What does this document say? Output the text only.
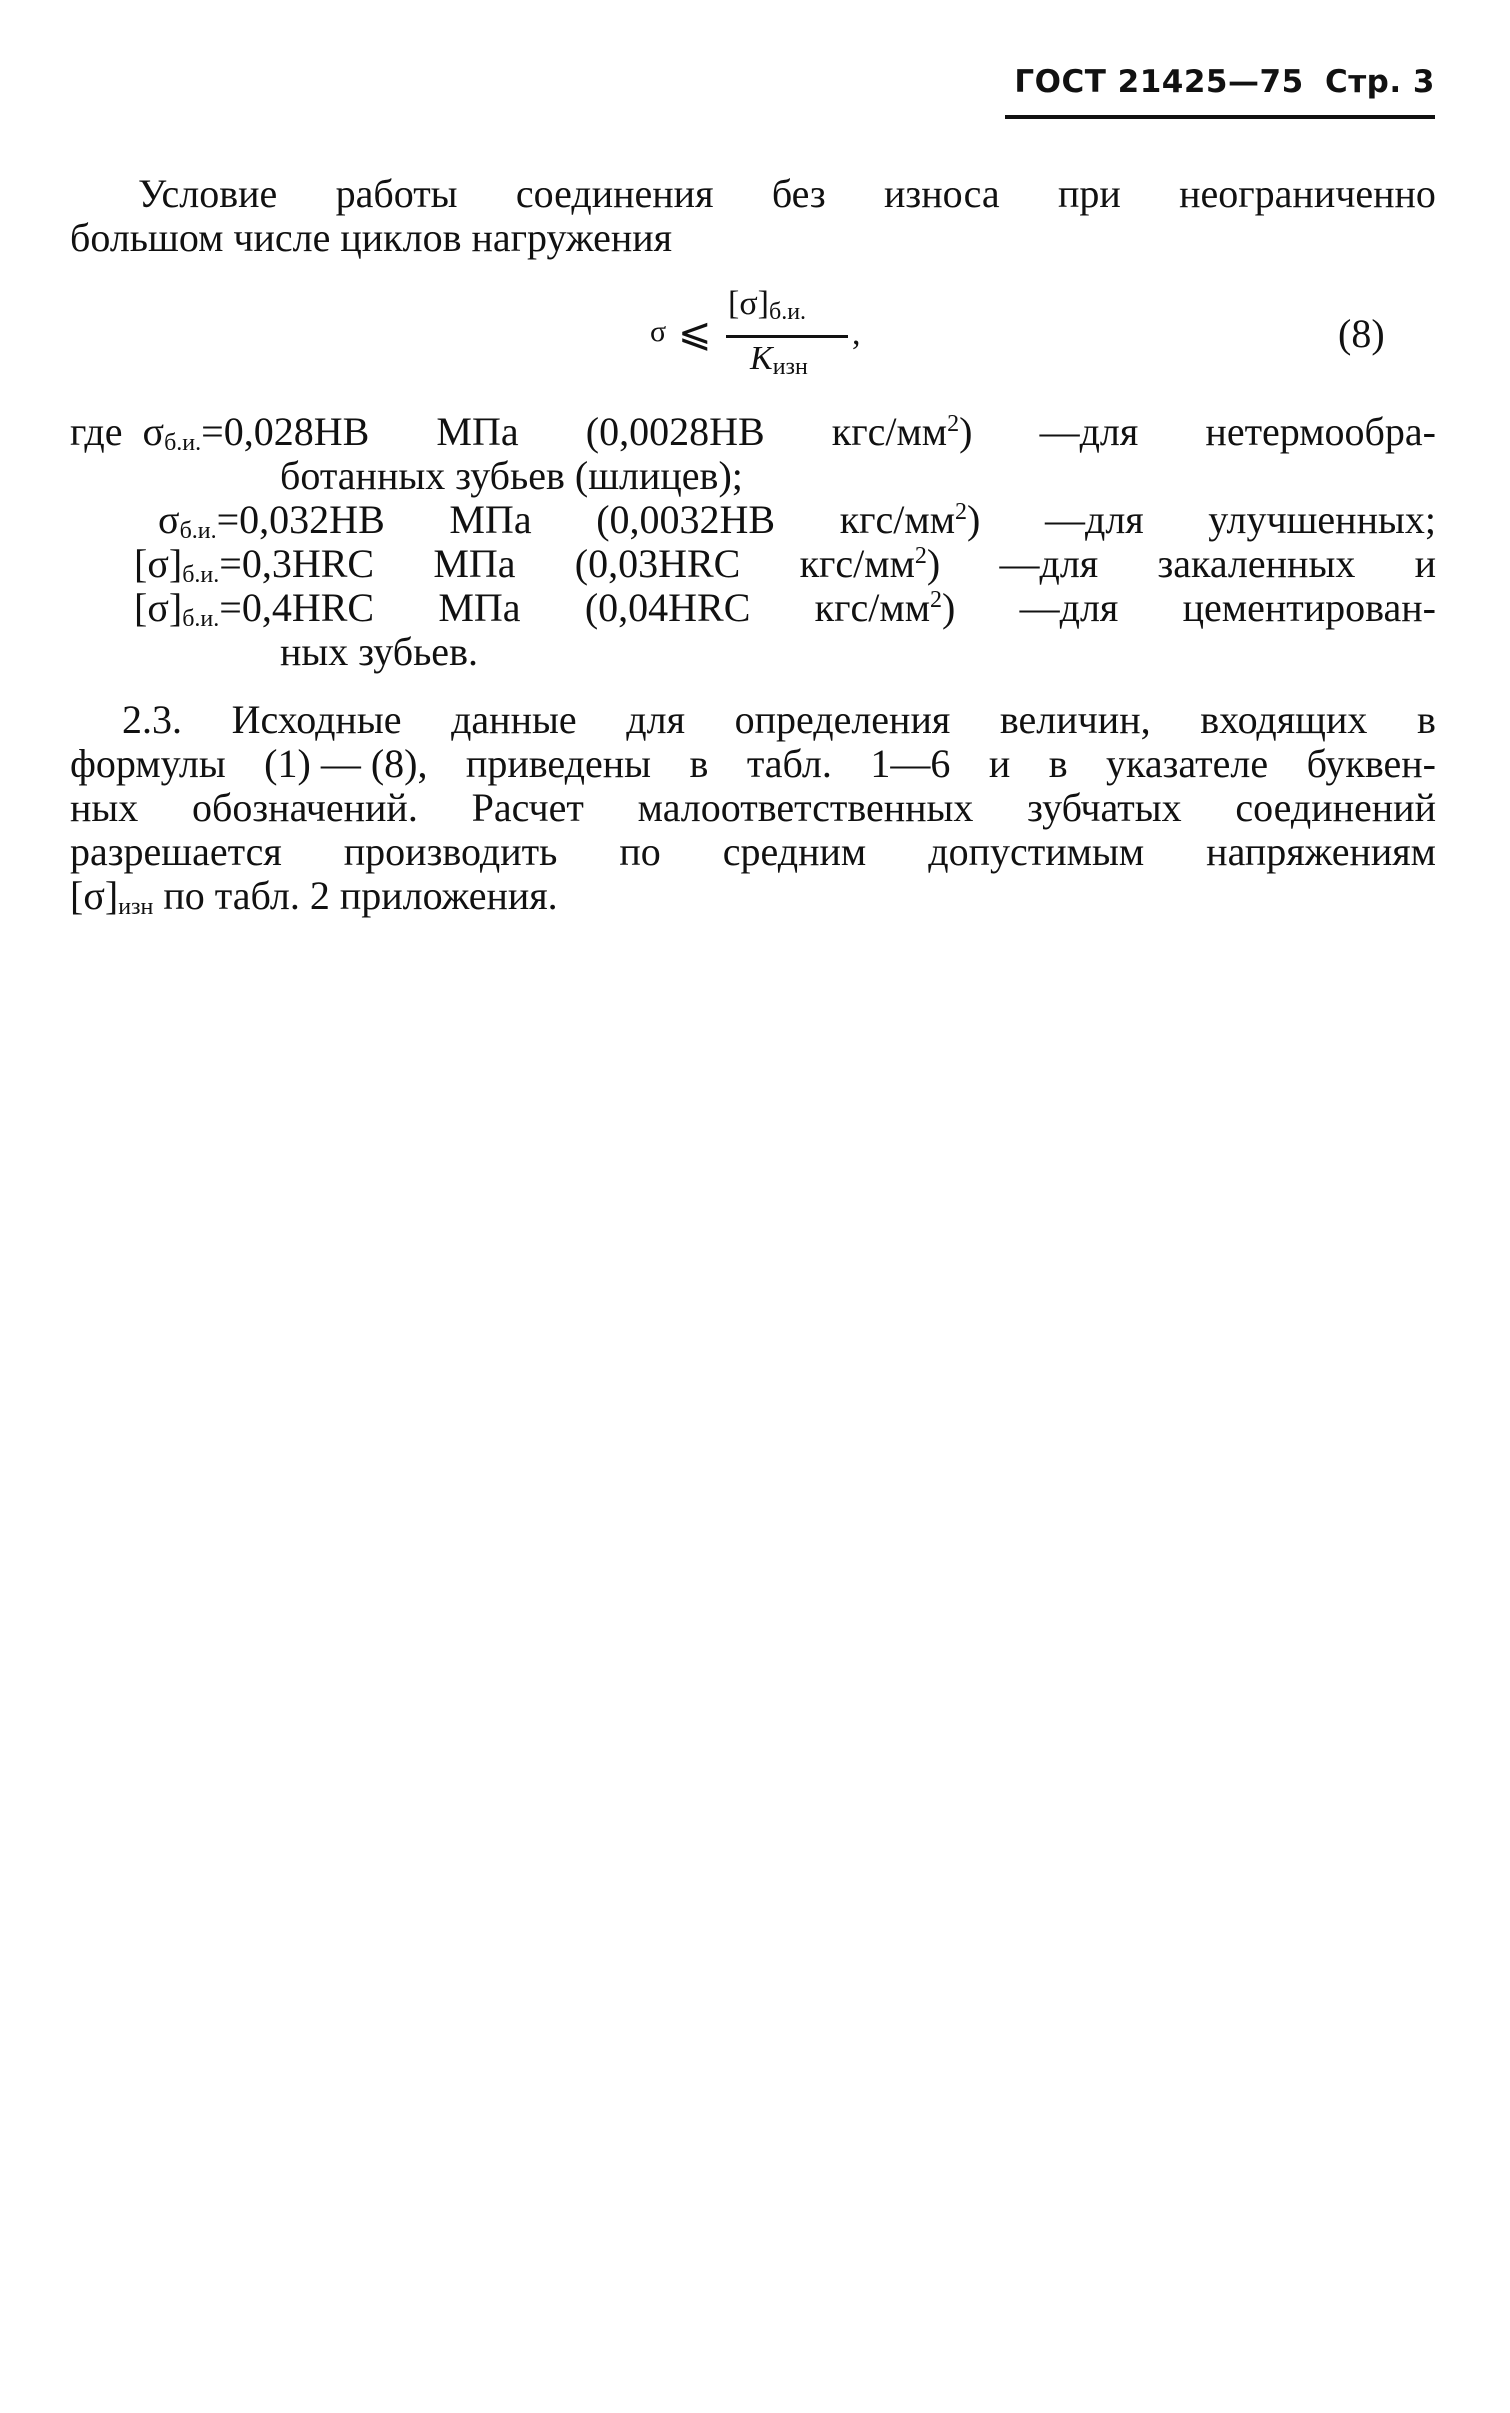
ГОСТ 21425—75 Стр. 3
Условие работы соединения без износа при неограниченно
большом числе циклов нагружения
σ ⩽
$[\sigma]_{б.и.}$
$K_{изн}$
,	(8)
где $\sigma_{б.и.}=0,028HB$ МПа (0,0028HB кгс/$мм^2$) —для нетермообра-
ботанных зубьев (шлицев);
$\sigma_{б.и.}=0,032HB$ МПа (0,0032HB кгс/$мм^2$) —для улучшенных;
$[\sigma]_{б.и.}=0,3HRC$ МПа (0,03HRC кгс/$мм^2$) —для закаленных и
$[\sigma]_{б.и.}=0,4HRC$ МПа (0,04HRC кгс/$мм^2$) —для цементирован-
ных зубьев.
2.3. Исходные данные для определения величин, входящих в
формулы (1) — (8), приведены в табл. 1—6 и в указателе буквен-
ных обозначений. Расчет малоответственных зубчатых соединений
разрешается производить по средним допустимым напряжениям
$[\sigma]_{изн}$ по табл. 2 приложения.
